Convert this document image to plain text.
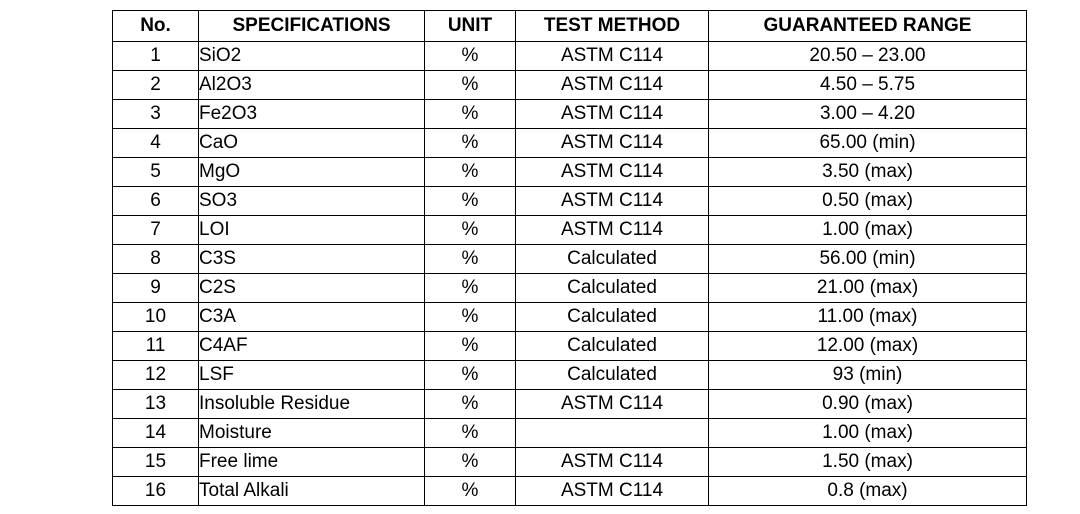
No.	SPECIFICATIONS	UNIT	TEST METHOD	GUARANTEED RANGE
1	SiO2	%	ASTM C114	20.50 – 23.00
2	Al2O3	%	ASTM C114	4.50 – 5.75
3	Fe2O3	%	ASTM C114	3.00 – 4.20
4	CaO	%	ASTM C114	65.00 (min)
5	MgO	%	ASTM C114	3.50 (max)
6	SO3	%	ASTM C114	0.50 (max)
7	LOI	%	ASTM C114	1.00 (max)
8	C3S	%	Calculated	56.00 (min)
9	C2S	%	Calculated	21.00 (max)
10	C3A	%	Calculated	11.00 (max)
11	C4AF	%	Calculated	12.00 (max)
12	LSF	%	Calculated	93 (min)
13	Insoluble Residue	%	ASTM C114	0.90 (max)
14	Moisture	%		1.00 (max)
15	Free lime	%	ASTM C114	1.50 (max)
16	Total Alkali	%	ASTM C114	0.8 (max)
